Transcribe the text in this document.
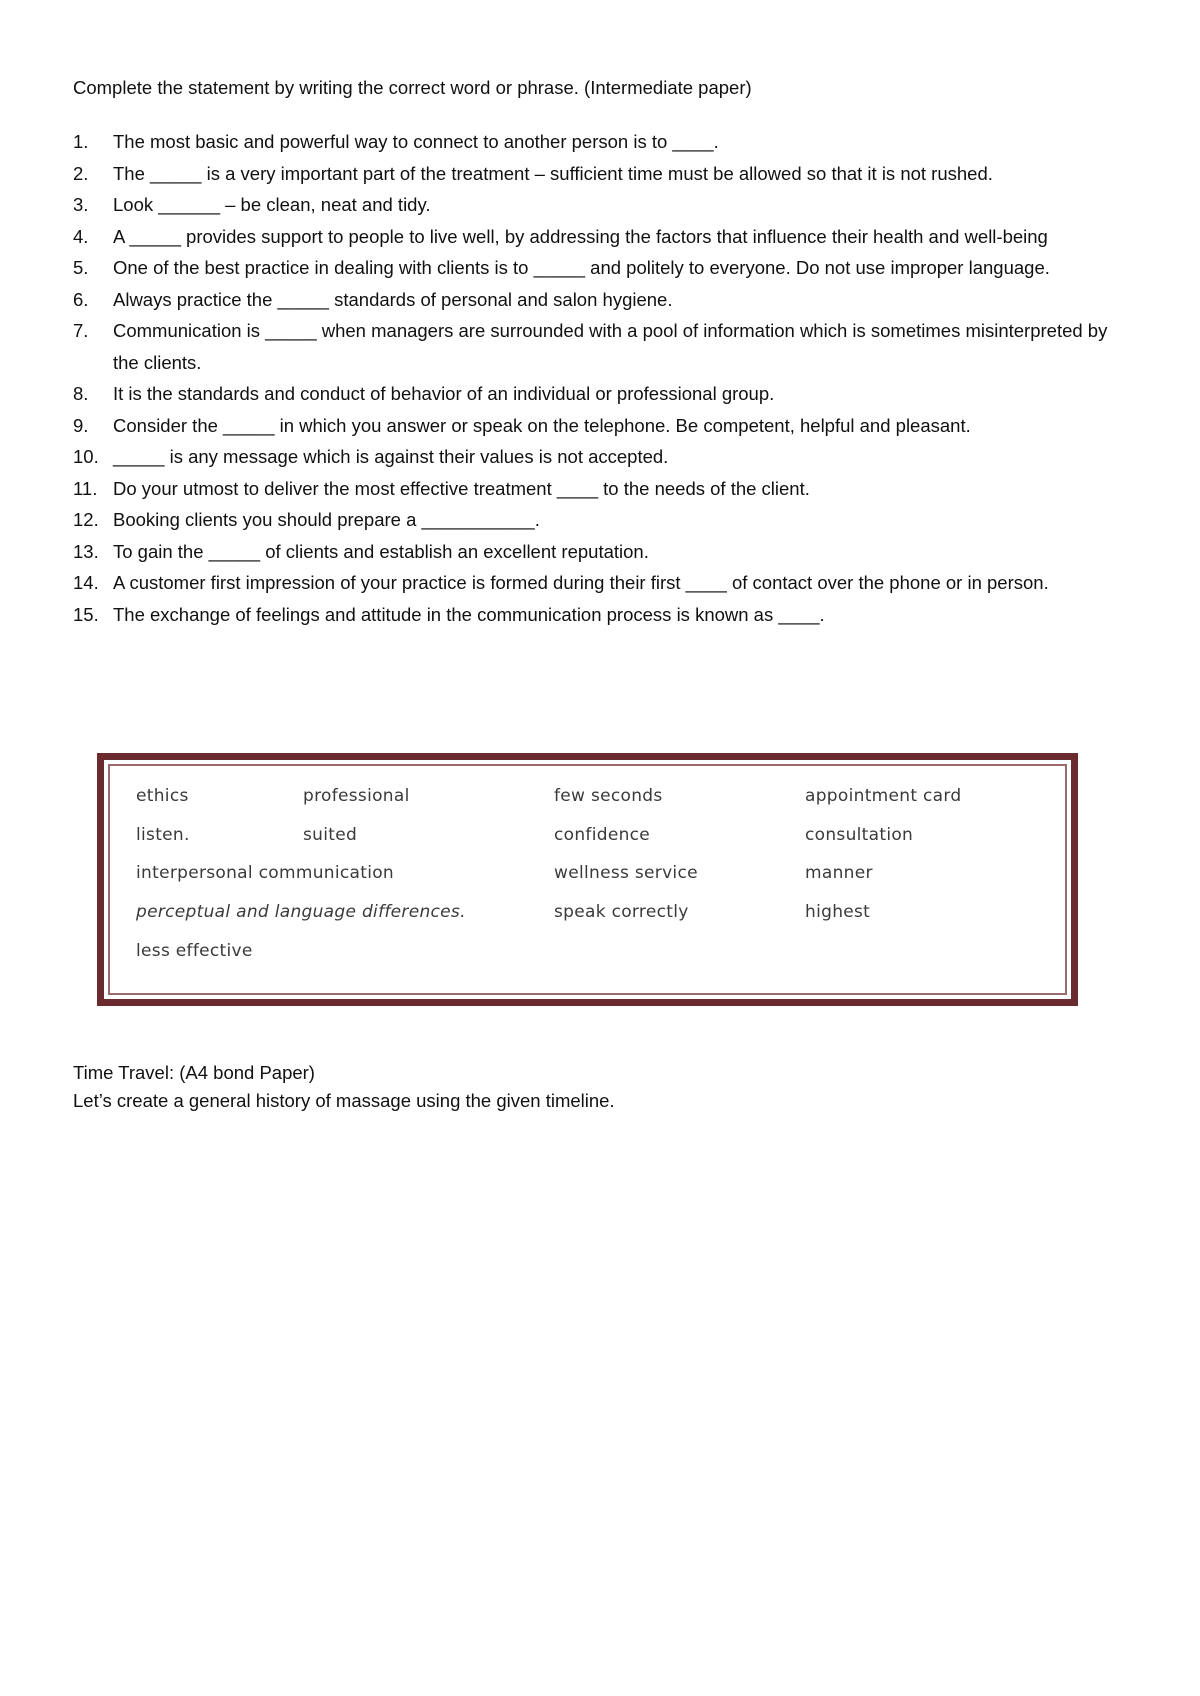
Complete the statement by writing the correct word or phrase. (Intermediate paper)
1.	The most basic and powerful way to connect to another person is to ____.
2.	The _____ is a very important part of the treatment – sufficient time must be allowed so that it is not rushed.
3.	Look ______ – be clean, neat and tidy.
4.	A _____ provides support to people to live well, by addressing the factors that influence their health and well-being
5.	One of the best practice in dealing with clients is to _____ and politely to everyone. Do not use improper language.
6.	Always practice the _____ standards of personal and salon hygiene.
7.	Communication is _____ when managers are surrounded with a pool of information which is sometimes misinterpreted by the clients.
8.	It is the standards and conduct of behavior of an individual or professional group.
9.	Consider the _____ in which you answer or speak on the telephone. Be competent, helpful and pleasant.
10. _____ is any message which is against their values is not accepted.
11. Do your utmost to deliver the most effective treatment ____ to the needs of the client.
12. Booking clients you should prepare a ___________.
13. To gain the _____ of clients and establish an excellent reputation.
14. A customer first impression of your practice is formed during their first ____ of contact over the phone or in person.
15. The exchange of feelings and attitude in the communication process is known as ____.
ethics	professional	few seconds	appointment card
listen.	suited	confidence	consultation
interpersonal communication	wellness service	manner
perceptual and language differences.	speak correctly	highest
less effective
Time Travel: (A4 bond Paper)
Let’s create a general history of massage using the given timeline.
